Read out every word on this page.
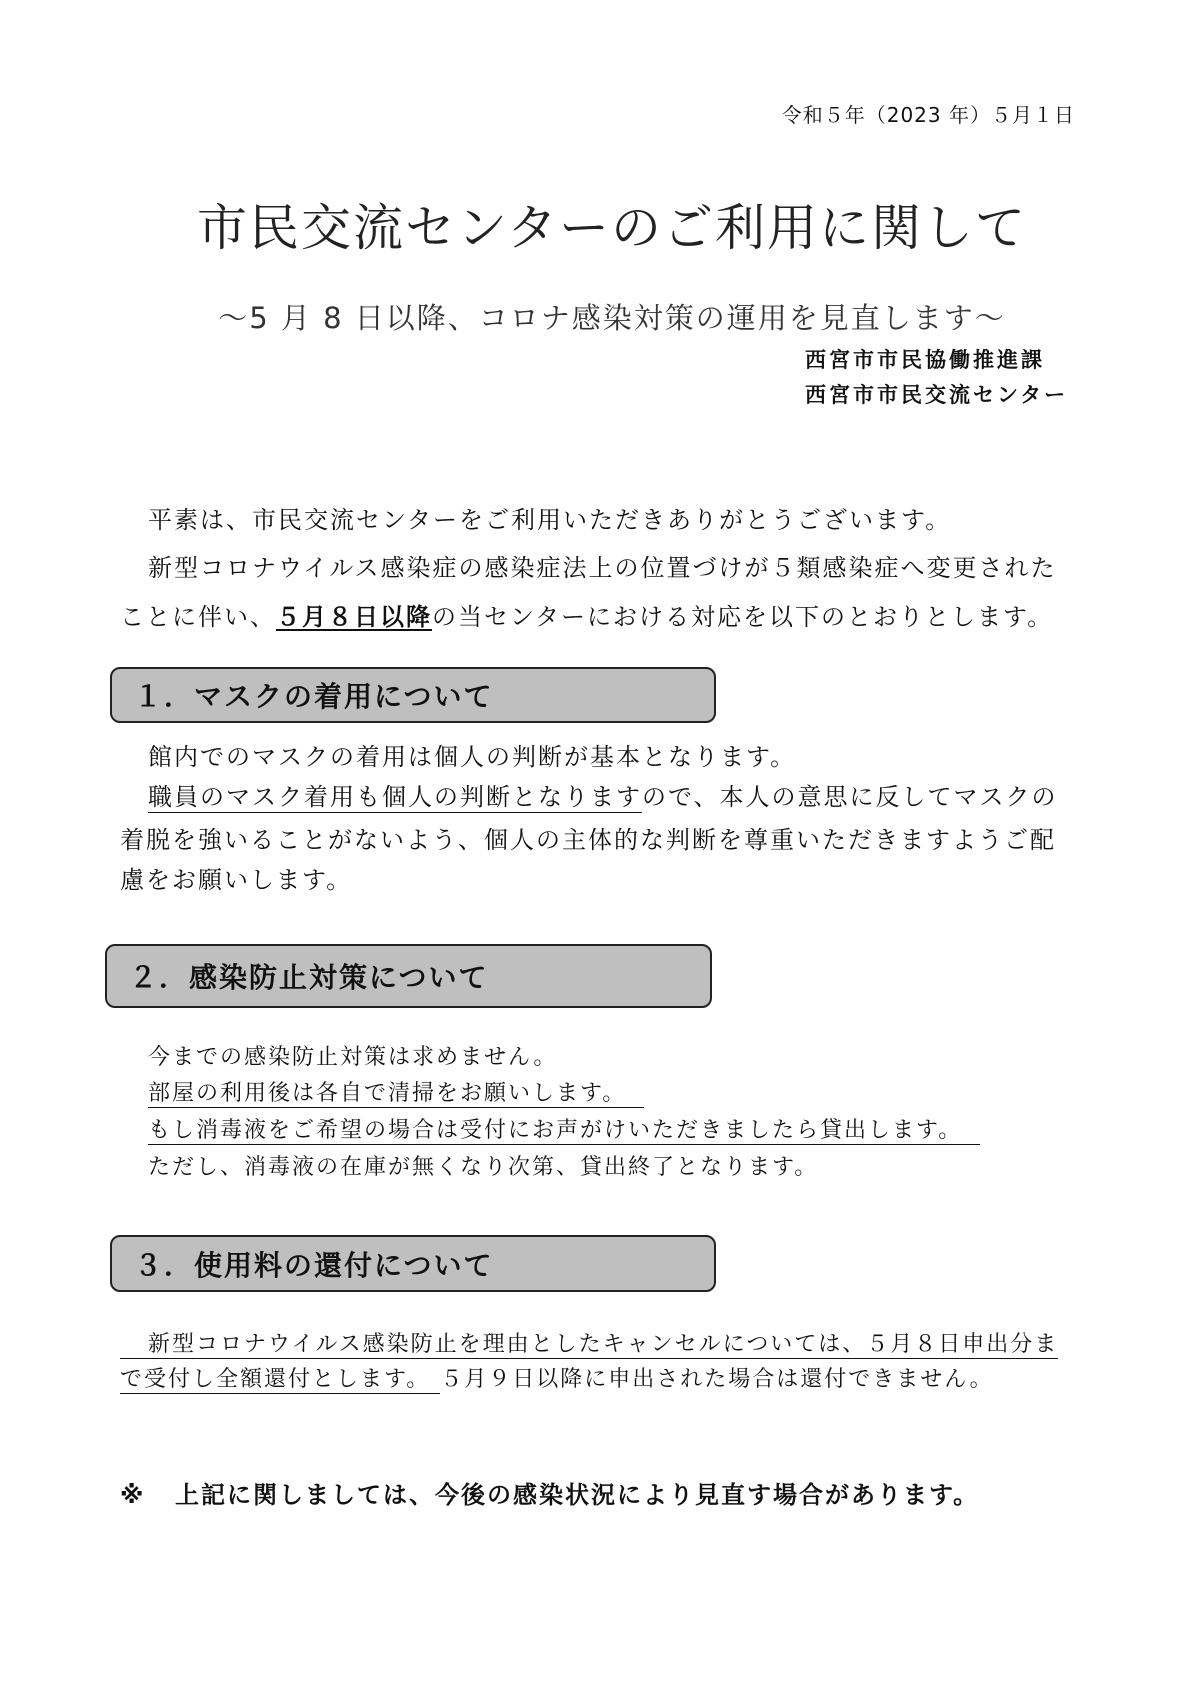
令和５年（2023 年）５月１日
市民交流センターのご利用に関して
～5 月 8 日以降、コロナ感染対策の運用を見直します～
西宮市市民協働推進課
西宮市市民交流センター
平素は、市民交流センターをご利用いただきありがとうございます。
新型コロナウイルス感染症の感染症法上の位置づけが５類感染症へ変更された
ことに伴い、５月８日以降の当センターにおける対応を以下のとおりとします。
１．マスクの着用について
館内でのマスクの着用は個人の判断が基本となります。
職員のマスク着用も個人の判断となりますので、本人の意思に反してマスクの
着脱を強いることがないよう、個人の主体的な判断を尊重いただきますようご配
慮をお願いします。
２．感染防止対策について
今までの感染防止対策は求めません。
部屋の利用後は各自で清掃をお願いします。
もし消毒液をご希望の場合は受付にお声がけいただきましたら貸出します。
ただし、消毒液の在庫が無くなり次第、貸出終了となります。
３．使用料の還付について
新型コロナウイルス感染防止を理由としたキャンセルについては、５月８日申出分ま
で受付し全額還付とします。 ５月９日以降に申出された場合は還付できません。
※ 上記に関しましては、今後の感染状況により見直す場合があります。
